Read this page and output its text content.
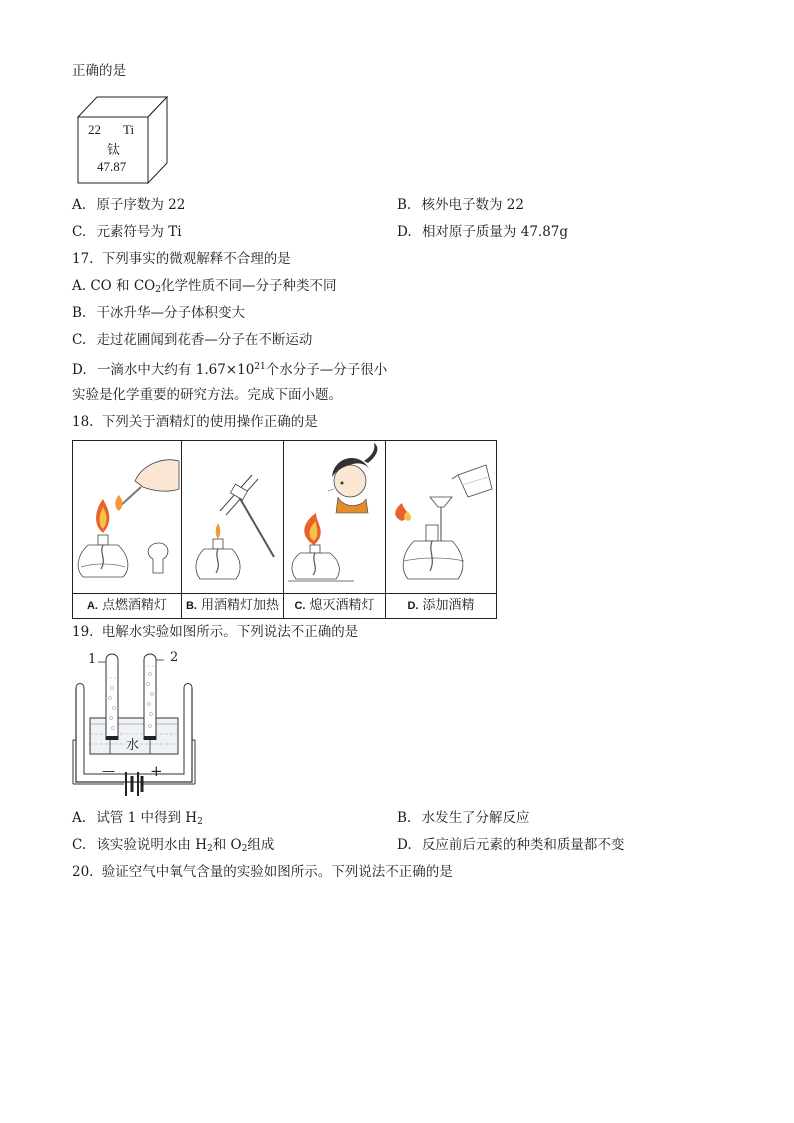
正确的是
22 Ti
钛
47.87
A. 原子序数为 22	B. 核外电子数为 22
C. 元素符号为 Ti	D. 相对原子质量为 47.87g
17. 下列事实的微观解释不合理的是
A. CO 和 $CO_2$化学性质不同—分子种类不同
B. 干冰升华—分子体积变大
C. 走过花圃闻到花香—分子在不断运动
D. 一滴水中大约有 $1.67\times 10^{21}$个水分子—分子很小
实验是化学重要的研究方法。完成下面小题。
18. 下列关于酒精灯的使用操作正确的是
A. 点燃酒精灯	B. 用酒精灯加热	C. 熄灭酒精灯	D. 添加酒精
19. 电解水实验如图所示。下列说法不正确的是
1	2
水
— +
A. 试管 1 中得到 $H_2$	B. 水发生了分解反应
C. 该实验说明水由 $H_2$和 $O_2$组成	D. 反应前后元素的种类和质量都不变
20. 验证空气中氧气含量的实验如图所示。下列说法不正确的是
